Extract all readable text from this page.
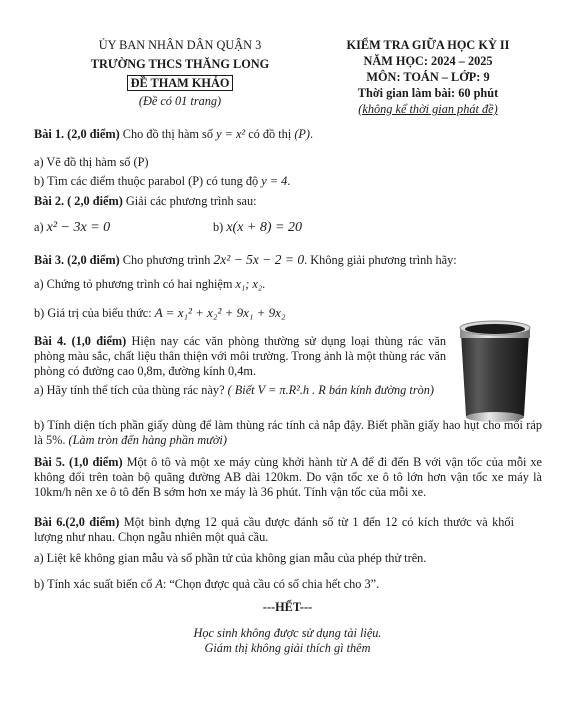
ỦY BAN NHÂN DÂN QUẬN 3
TRƯỜNG THCS THĂNG LONG
ĐỀ THAM KHẢO
(Đề có 01 trang)
KIỂM TRA GIỮA HỌC KỲ II
NĂM HỌC: 2024 – 2025
MÔN: TOÁN – LỚP: 9
Thời gian làm bài: 60 phút
(không kể thời gian phát đề)
Bài 1. (2,0 điểm) Cho đồ thị hàm số y = x² có đồ thị (P).
a) Vẽ đồ thị hàm số (P)
b) Tìm các điểm thuộc parabol (P) có tung độ y = 4.
Bài 2. ( 2,0 điểm) Giải các phương trình sau:
a) x² − 3x = 0	b) x(x + 8) = 20
Bài 3. (2,0 điểm) Cho phương trình 2x² − 5x − 2 = 0. Không giải phương trình hãy:
a) Chứng tỏ phương trình có hai nghiệm x₁; x₂.
b) Giá trị của biểu thức: A = x₁² + x₂² + 9x₁ + 9x₂
Bài 4. (1,0 điểm) Hiện nay các văn phòng thường sử dụng loại thùng rác văn phòng màu sắc, chất liệu thân thiện với môi trường. Trong ảnh là một thùng rác văn phòng có đường cao 0,8m, đường kính 0,4m.
a) Hãy tính thể tích của thùng rác này? ( Biết V = π.R².h . R bán kính đường tròn)
b) Tính diện tích phần giấy dùng để làm thùng rác tính cả nắp đậy. Biết phần giấy hao hụt cho mối ráp là 5%. (Làm tròn đến hàng phần mười)
Bài 5. (1,0 điểm) Một ô tô và một xe máy cùng khởi hành từ A để đi đến B với vận tốc của mỗi xe không đổi trên toàn bộ quãng đường AB dài 120km. Do vận tốc xe ô tô lớn hơn vận tốc xe máy là 10km/h nên xe ô tô đến B sớm hơn xe máy là 36 phút. Tính vận tốc của mỗi xe.
Bài 6.(2,0 điểm) Một bình đựng 12 quả cầu được đánh số từ 1 đến 12 có kích thước và khối lượng như nhau. Chọn ngẫu nhiên một quả cầu.
a) Liệt kê không gian mẫu và số phần tử của không gian mẫu của phép thử trên.
b) Tính xác suất biến cố A: “Chọn được quả cầu có số chia hết cho 3”.
---HẾT---
Học sinh không được sử dụng tài liệu.
Giám thị không giải thích gì thêm
